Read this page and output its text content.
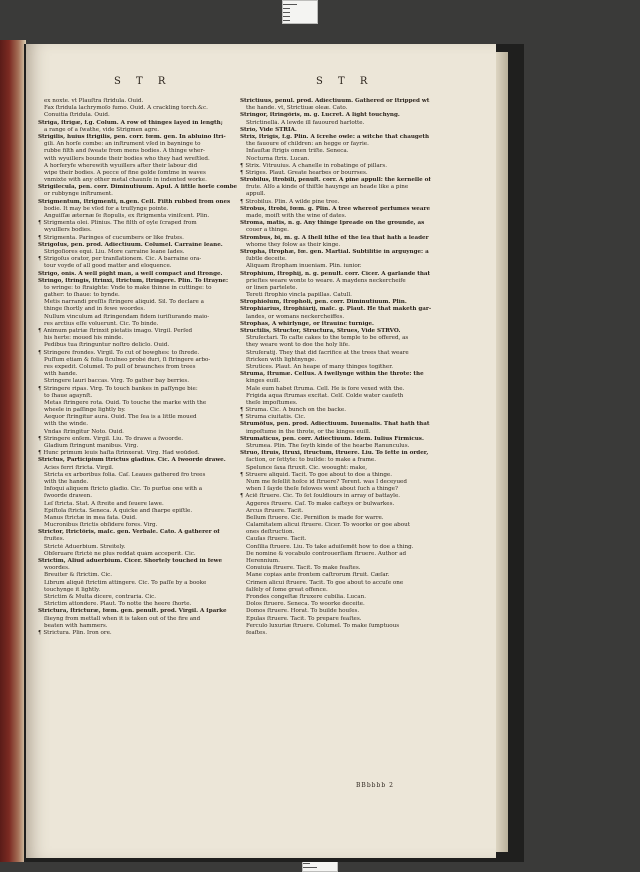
S T R	S T R
ex noxte. vt Plauſtra ſtridula. Ouid.
Fax ſtridula lachrymoſo fumo. Ouid. A crackling torch.&c.
Conuitia ſtridula. Ouid.
Striga, ſtrigæ, f.g. Colum. A row of thinges layed in length;
a range of a ſwathe, vide Strigmen agre.
Strigilis, huius ſtrigilis, pen. corr. fœm. gen. In abluino ſtri-
gili. An horſe combe: an inſtrument vſed in bayninge to
rubbe filth and ſweate from mens bodies. A thinge wher-
with wyuillers bounde their bodies who they had wreſtled.
A horſeryfe wherewith wyuillers after their labour did
wipe their bodies. A pecce of fine golde ſomtme in waves
vnmixte with any other metal chaunſe in indented worke.
Strigilecula, pen. corr. Diminutiuum. Apul. A little horſe combe
or rubbynge inſtrument.
Strigmentum, ſtrigmenti, n.gen. Celſ. Filth rubbed from ones
bodie. It may be vſed for a truſſynge pointe.
Anguiſſæ æternæ ſe ſtopulis, ex ſtrigmenta viniſcent. Plin.
¶ Strigmenta olei. Plinius. The filth of oyle ſcraped from
wyuillers bodies.
¶ Strigmenta. Paringes of cucumbers or like frutes.
Strigoſus, pen. prod. Adiectiuum. Columel. Carraine leane.
Strigoſiores equi. Liu. More carraine leane Iades.
¶ Strigoſus orator, per tranſlationem. Cic. A barraine ora-
tour voyde of all good matter and eloquence.
Strigo, onis. A well pight man, a well compact and ſtronge.
Stringo, ſtringis, ſtrinxi, ſtrictum, ſtringere. Plin. To ſtrayne:
to wringe: to ſtraighte: Vnde to make thinne in cuttinge: to
gather: to ſhaue: to bynde.
Metis narrandi preſſis ſtringere aliquid. Sil. To declare a
thinge ſhortly and in fewe woordes.
Nullum vinculum ad ſtringendam fidem iuriſiurando maio-
res arctius eſſe voluerunt. Cic. To binde.
¶ Animum patriæ ſtrinxit pietatis imago. Virgil. Perſed
his herte: moued his minde.
Pedibus tua ſtringuntur noſtro deliclo. Ouid.
¶ Stringere frondes. Virgil. To cut of bowghes: to ſhrede.
Puſſum etiam & folia ſiculneo probé duri, ſi ſtringere arbo-
res expedit. Columel. To pull of braunches from trees
with hande.
Stringere lauri baccas. Virg. To gather bay berries.
¶ Stringere ripas. Virg. To touch bankes in paſſynge bie:
to ſhaue agaynſt.
Metas ſtringere rota. Ouid. To touche the marke with the
wheele in paſſinge lightly by.
Aequor ſtringitur aura. Ouid. The ſea is a little moued
with the winde.
Vndas ſtringitur Noto. Ouid.
¶ Stringere enſem. Virgil. Liu. To drawe a ſwoorde.
Gladium ſtringunt manibus. Virg.
¶ Hunc primum leuis haſta ſtrinxerat. Virg. Had woūded.
Strictus, Participium ſtrictus gladius. Cic. A ſwoorde drawē.
Acies ferri ſtricta. Virgil.
Stricta ex arboribus folia. Caſ. Leaues gathered fro trees
with the hande.
Infoqui aliquem ſtricto gladio. Cic. To purſue one with a
ſwoorde drawen.
Leſ ſtricta. Stat. A ſtreite and ſeuere lawe.
Epiſtola ſtricta. Seneca. A quicke and ſharpe epiſtle.
Manus ſtrictæ in mea fata. Ouid.
Mucronibus ſtrictis obſidere fores. Virg.
Strictor, ſtrictôris, maſc. gen. Verbale. Cato. A gatherer of
fruites.
Stricté Aduerbium. Streitely.
Obſeruare ſtrictè ne plus reddat quàm acceperit. Cic.
Strictim, Aliud aduerbium. Cicer. Shortely touched in fewe
woordes.
Breuiter & ſtrictim. Cic.
Librum aliquē ſtrictim attingere. Cic. To paſſe by a booke
touchynge it lightly.
Strictim & Multa dicere, contraria. Cic.
Strictim attondere. Plaut. To notte the heere ſhorte.
Strictūra, ſtrictūræ, fœm. gen. penult. prod. Virgil. A ſparke
ſlieyng from mettall when it is taken out of the fire and
beaten with hammers.
¶ Strictura. Plin. Iron ore.
Strictiuus, penul. prod. Adiectiuum. Gathered or ſtripped wt
the hande. vt, Strictiuæ oleæ. Cato.
Stringor, ſtringôris, m. g. Lucret. A light touchyng.
Strictinellá. A lewde ill fauoured harlotte.
Strio, Vide STRIA.
Strix, ſtrigis, f.g. Plin. A ſcrehe owle: a witche that chaūgeth
the fauoure of children: an hegge or fayrie.
Infauſtæ ſtrigis omen triſte. Seneca.
Nocturna ſtrix. Lucan.
¶ Strix. Vitruuius. A chanelle in robatinge of pillars.
¶ Striges. Plaut. Greate hearbes or bourrses.
Strobilus, ſtrobili, penult. corr. A pine appull: the kernelle of
frute. Alſo a kinde of thiſtle hauynge an heade like a pine
appull.
¶ Strobilus. Plin. A wilde pine tree.
Strobus, ſtrobi, fœm. g. Plin. A tree whereof perfumes weare
made, moiſt with the wine of dates.
Stroma, matis, n. g. Any thinge ſpreade on the grounde, as
couer a thinge.
Strombus, bi, m. g. A ſhell fiſhe of the ſea that hath a leader
whome they folow as their kinge.
Stropha, ſtrophæ, fœ. gen. Martial. Subtilitie in arguynge: a
ſubtle deceite.
Aliquam ſtropham inueniam. Plin. iunior.
Strophium, ſtrophij, n. g. penult. corr. Cicer. A garlande that
prieſtes weare wonte to weare. A maydens neckercheife
or linen partelete.
Tereti ſtrophio vincla papillas. Catull.
Strophiolum, ſtropholi, pen. corr. Diminutiuum. Plin.
Strophiarius, ſtrophiárij, maſc. g. Plaut. He that maketh gar-
landes, or womans neckercheiffes.
Strophas, A whirlynge, or ſtrauinc turnige.
Structilis, Structor, Structura, Strues, Vide STRVO.
Struſectari. To caſte cakes to the temple to be offered, as
they weare wont to doe the holy life.
Struſeratij. They that did ſacrifice at the trees that weare
ſtricken with lightnynge.
Strutices. Plaut. An heape of many thinges togither.
Struma, ſtrumæ. Celſus. A ſwellynge within the throte: the
kinges euill.
Male eum habet ſtruma. Cell. He is ſore vexed with the.
Frigida aqua ſtrumas excitat. Celſ. Colde water cauſeth
theſe impoſtumes.
¶ Struma. Cic. A bunch on the backe.
¶ Struma ciuitatis. Cic.
Strumôſus, pen. prod. Adiectiuum. Iuuenalis. That hath that
impoſtume in the throte, or the kinges euill.
Strumaticus, pen. corr. Adiectiuum. Idem. Iulius Firmicus.
Strumea. Plin. The ſeyth kinde of the hearbe Ranunculus.
Struo, ſtruis, ſtruxi, ſtructum, ſtruere. Liu. To ſette in order,
faction, or ſettyte: to builde: to make a frame.
Spelunce ſaxa ſtruxit. Cic. woought: make,
¶ Struere aliquid. Tacit. To goe about to doe a thinge.
Num me feſellit hoſce id ſtruere? Terent. was I deceyued
when I ſayde theſe felowes went about ſuch a thinge?
¶ Aciē ſtruere. Cic. To ſet ſouldiours in array of battayle.
Aggeres ſtruere. Caſ. To make caſteys or bulwarkes.
Arcus ſtruere. Tacit.
Bellum ſtruere. Cic. Perniſion is made for warre.
Calamitatem alicui ſtruere. Cicer. To woorke or goe about
ones deſtruction.
Cauſas ſtruere. Tacit.
Conſilia ſtruere. Liu. To take aduiſemēt how to doe a thing.
De nomine & vocabulo controuerſiam ſtruere. Author ad
Herennium.
Conuiuia ſtruere. Tacit. To make feaſtes.
Mane copias ante frontem caſtrorum ſtruit. Cæſar.
Crimen alicui ſtruere. Tacit. To goe about to accuſe one
falſely of ſome great offence.
Frondes congeſtæ ſtruxere cubilia. Lucan.
Dolos ſtruere. Seneca. To woorke deceite.
Domos ſtruere. Horat. To builde houſes.
Epulas ſtruere. Tacit. To prepare feaſtes.
Ferculo luxuriæ ſtruere. Columel. To make ſumptuous
feaſtes.
BBbbbb 2
